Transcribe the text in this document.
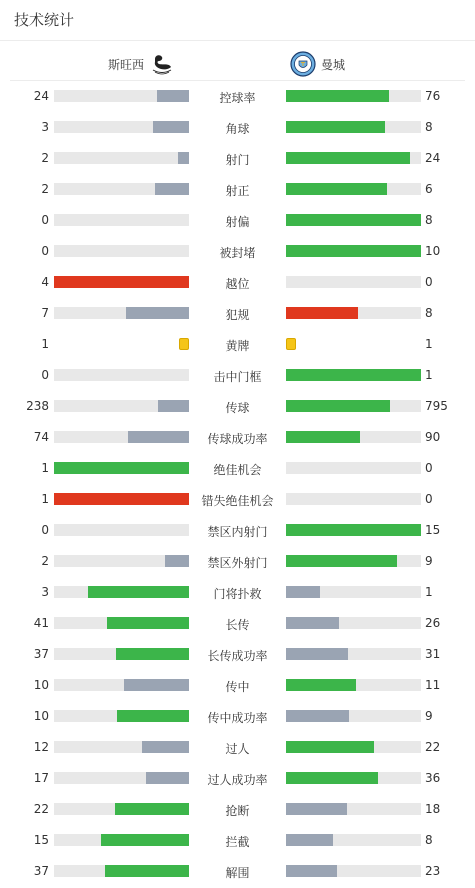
技术统计
斯旺西	曼城
24	控球率	76
3	角球	8
2	射门	24
2	射正	6
0	射偏	8
0	被封堵	10
4	越位	0
7	犯规	8
1	黄牌	1
0	击中门框	1
238	传球	795
74	传球成功率	90
1	绝佳机会	0
1	错失绝佳机会	0
0	禁区内射门	15
2	禁区外射门	9
3	门将扑救	1
41	长传	26
37	长传成功率	31
10	传中	11
10	传中成功率	9
12	过人	22
17	过人成功率	36
22	抢断	18
15	拦截	8
37	解围	23
